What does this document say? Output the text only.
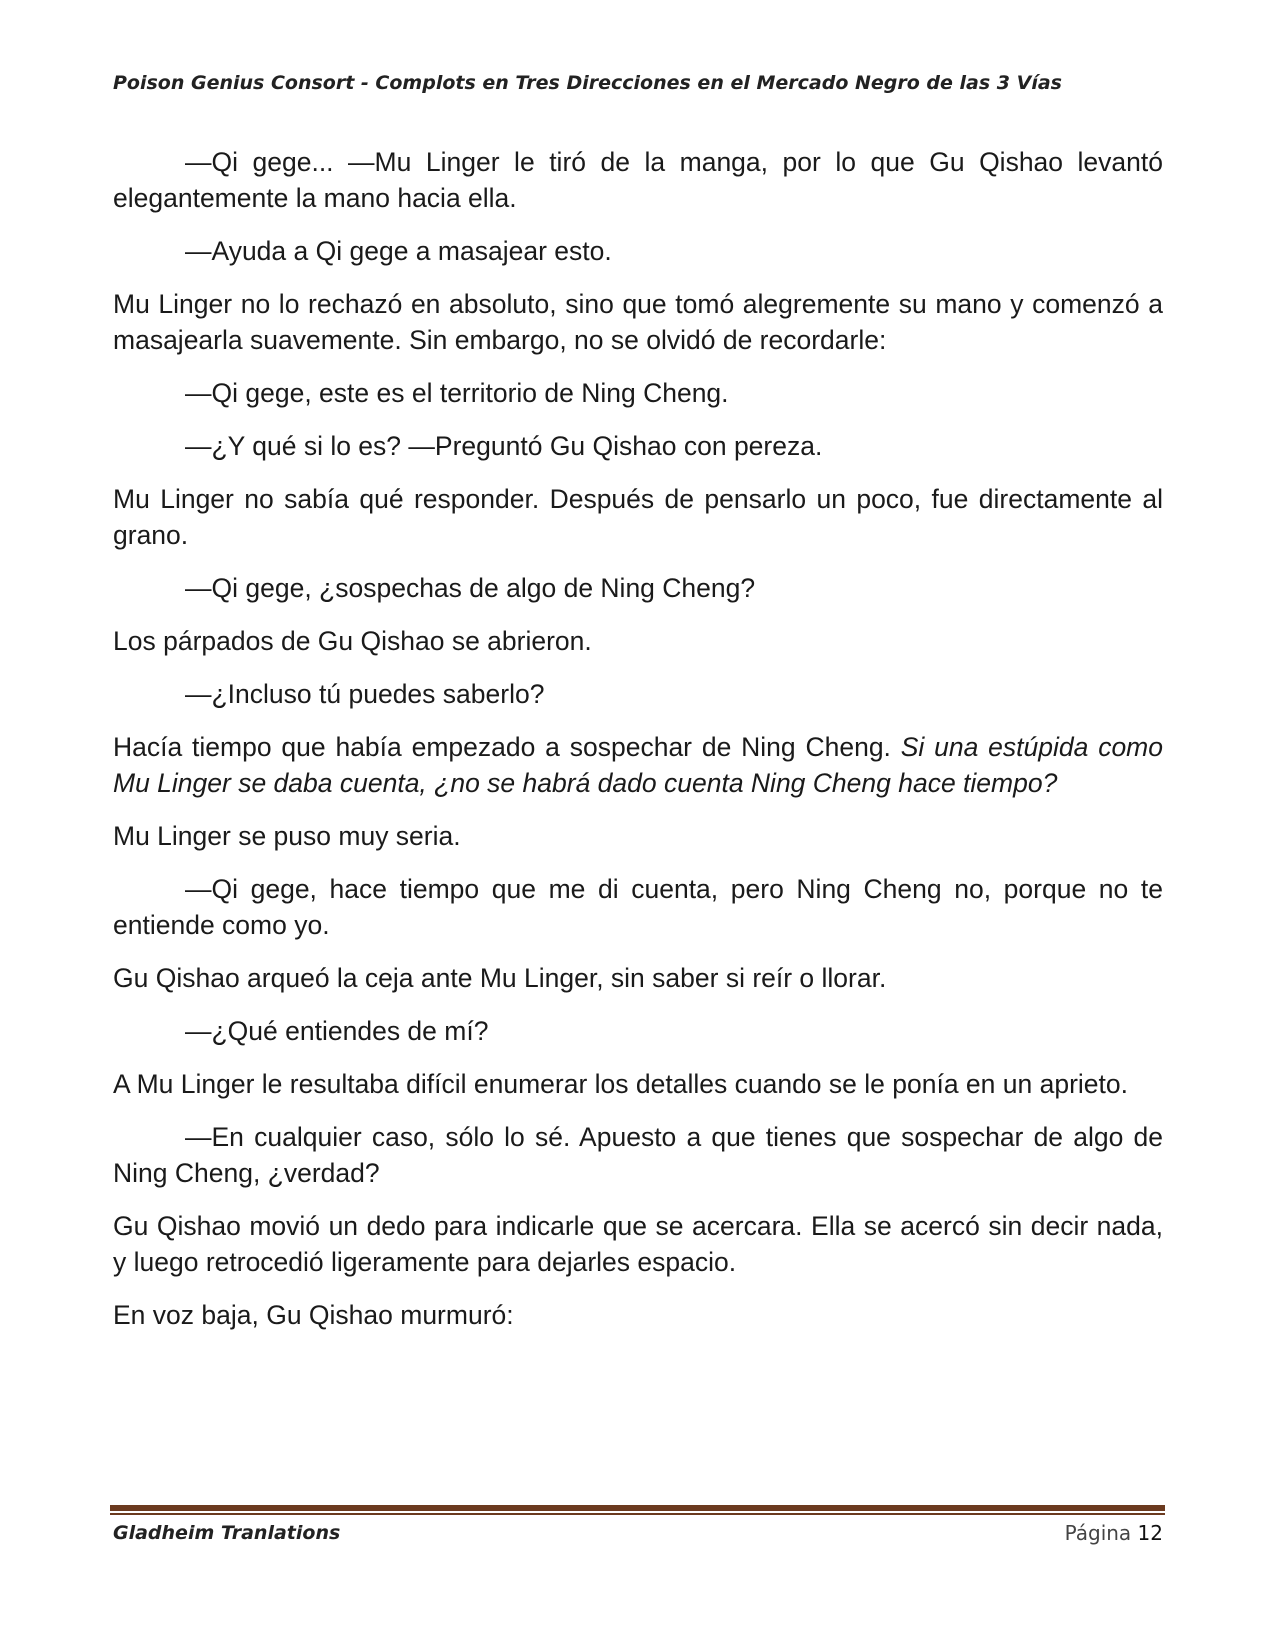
Poison Genius Consort - Complots en Tres Direcciones en el Mercado Negro de las 3 Vías

—Qi gege... —Mu Linger le tiró de la manga, por lo que Gu Qishao levantó elegantemente la mano hacia ella.

—Ayuda a Qi gege a masajear esto.

Mu Linger no lo rechazó en absoluto, sino que tomó alegremente su mano y comenzó a masajearla suavemente. Sin embargo, no se olvidó de recordarle:

—Qi gege, este es el territorio de Ning Cheng.

—¿Y qué si lo es? —Preguntó Gu Qishao con pereza.

Mu Linger no sabía qué responder. Después de pensarlo un poco, fue directamente al grano.

—Qi gege, ¿sospechas de algo de Ning Cheng?

Los párpados de Gu Qishao se abrieron.

—¿Incluso tú puedes saberlo?

Hacía tiempo que había empezado a sospechar de Ning Cheng. Si una estúpida como Mu Linger se daba cuenta, ¿no se habrá dado cuenta Ning Cheng hace tiempo?

Mu Linger se puso muy seria.

—Qi gege, hace tiempo que me di cuenta, pero Ning Cheng no, porque no te entiende como yo.

Gu Qishao arqueó la ceja ante Mu Linger, sin saber si reír o llorar.

—¿Qué entiendes de mí?

A Mu Linger le resultaba difícil enumerar los detalles cuando se le ponía en un aprieto.

—En cualquier caso, sólo lo sé. Apuesto a que tienes que sospechar de algo de Ning Cheng, ¿verdad?

Gu Qishao movió un dedo para indicarle que se acercara. Ella se acercó sin decir nada, y luego retrocedió ligeramente para dejarles espacio.

En voz baja, Gu Qishao murmuró:

Gladheim Tranlations	Página 12
